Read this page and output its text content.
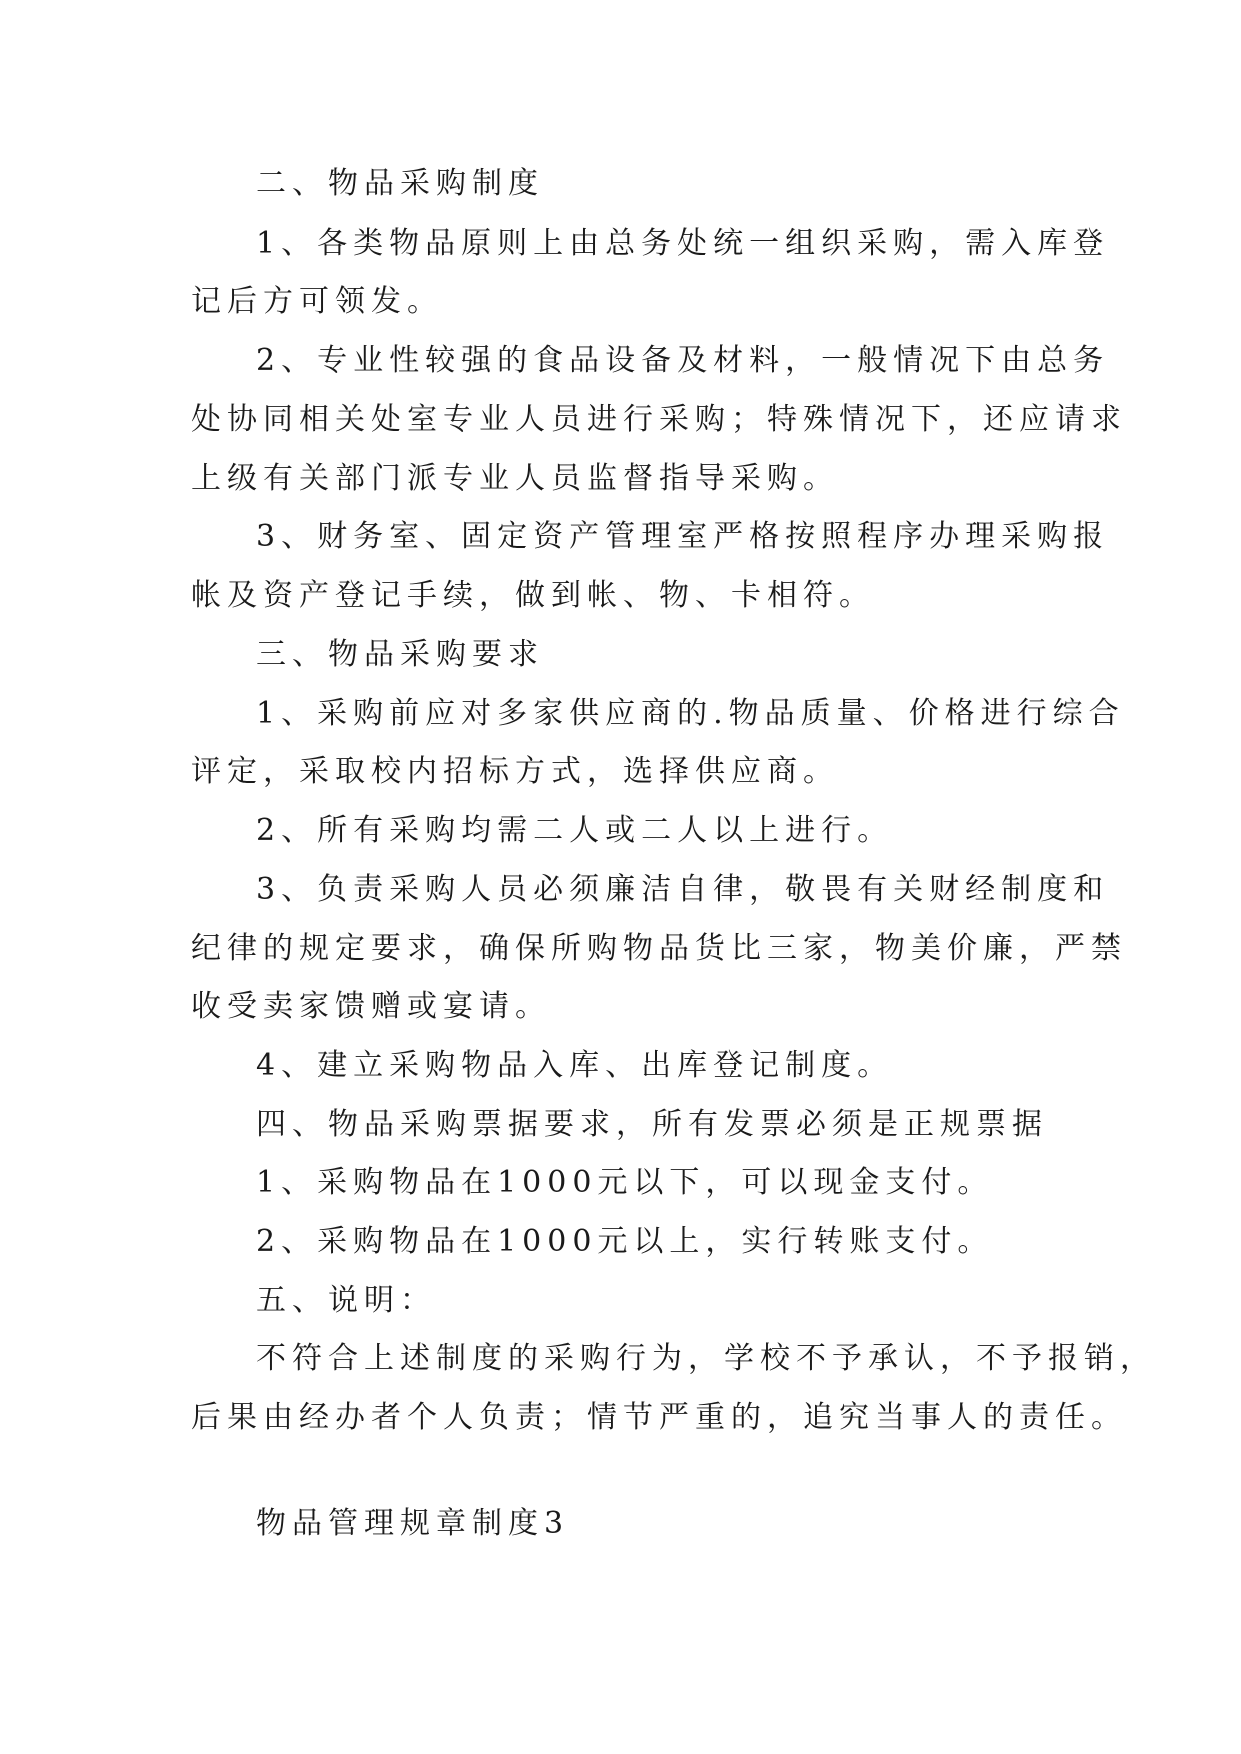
二、物品采购制度
1、各类物品原则上由总务处统一组织采购，需入库登
记后方可领发。
2、专业性较强的食品设备及材料，一般情况下由总务
处协同相关处室专业人员进行采购；特殊情况下，还应请求
上级有关部门派专业人员监督指导采购。
3、财务室、固定资产管理室严格按照程序办理采购报
帐及资产登记手续，做到帐、物、卡相符。
三、物品采购要求
1、采购前应对多家供应商的.物品质量、价格进行综合
评定，采取校内招标方式，选择供应商。
2、所有采购均需二人或二人以上进行。
3、负责采购人员必须廉洁自律，敬畏有关财经制度和
纪律的规定要求，确保所购物品货比三家，物美价廉，严禁
收受卖家馈赠或宴请。
4、建立采购物品入库、出库登记制度。
四、物品采购票据要求，所有发票必须是正规票据
1、采购物品在1000元以下，可以现金支付。
2、采购物品在1000元以上，实行转账支付。
五、说明：
不符合上述制度的采购行为，学校不予承认，不予报销，
后果由经办者个人负责；情节严重的，追究当事人的责任。
物品管理规章制度3
